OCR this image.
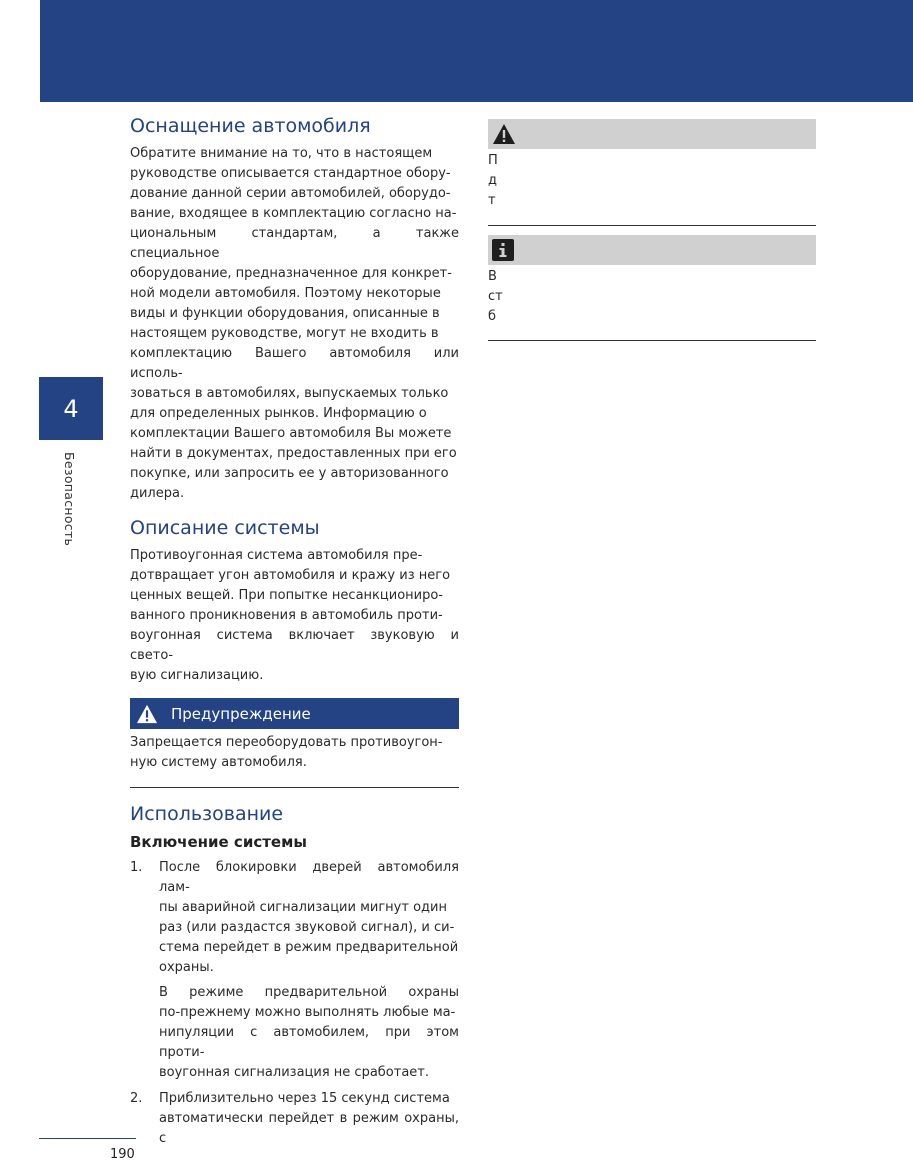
4
Безопасность
Оснащение автомобиля

Обратите внимание на то, что в настоящем

руководстве описывается стандартное обору-

дование данной серии автомобилей, оборудо-

вание, входящее в комплектацию согласно на-

циональным стандартам, а также специальное

оборудование, предназначенное для конкрет-

ной модели автомобиля. Поэтому некоторые

виды и функции оборудования, описанные в

настоящем руководстве, могут не входить в

комплектацию Вашего автомобиля или исполь-

зоваться в автомобилях, выпускаемых только

для определенных рынков. Информацию о

комплектации Вашего автомобиля Вы можете

найти в документах, предоставленных при его

покупке, или запросить ее у авторизованного

дилера.

Описание системы

Противоугонная система автомобиля пре-

дотвращает угон автомобиля и кражу из него

ценных вещей. При попытке несанкциониро-

ванного проникновения в автомобиль проти-

воугонная система включает звуковую и свето-

вую сигнализацию.

Предупреждение

Запрещается переоборудовать противоугон-

ную систему автомобиля.

Использование
Включение системы
1.	После блокировки дверей автомобиля лам-

пы аварийной сигнализации мигнут один

раз (или раздастся звуковой сигнал), и си-

стема перейдет в режим предварительной

охраны.

В режиме предварительной охраны

по-прежнему можно выполнять любые ма-

нипуляции с автомобилем, при этом проти-

воугонная сигнализация не сработает.

2.	Приблизительно через 15 секунд система

автоматически перейдет в режим охраны, с

П
д
т
В
ст
б
190
